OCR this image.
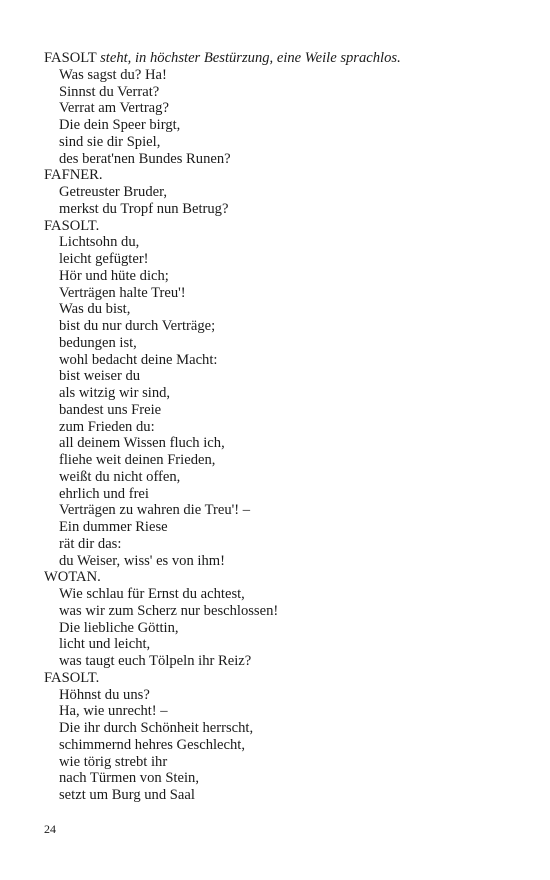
FASOLT steht, in höchster Bestürzung, eine Weile sprachlos.
Was sagst du? Ha!
Sinnst du Verrat?
Verrat am Vertrag?
Die dein Speer birgt,
sind sie dir Spiel,
des berat'nen Bundes Runen?
FAFNER.
Getreuster Bruder,
merkst du Tropf nun Betrug?
FASOLT.
Lichtsohn du,
leicht gefügter!
Hör und hüte dich;
Verträgen halte Treu'!
Was du bist,
bist du nur durch Verträge;
bedungen ist,
wohl bedacht deine Macht:
bist weiser du
als witzig wir sind,
bandest uns Freie
zum Frieden du:
all deinem Wissen fluch ich,
fliehe weit deinen Frieden,
weißt du nicht offen,
ehrlich und frei
Verträgen zu wahren die Treu'! –
Ein dummer Riese
rät dir das:
du Weiser, wiss' es von ihm!
WOTAN.
Wie schlau für Ernst du achtest,
was wir zum Scherz nur beschlossen!
Die liebliche Göttin,
licht und leicht,
was taugt euch Tölpeln ihr Reiz?
FASOLT.
Höhnst du uns?
Ha, wie unrecht! –
Die ihr durch Schönheit herrscht,
schimmernd hehres Geschlecht,
wie törig strebt ihr
nach Türmen von Stein,
setzt um Burg und Saal
24
